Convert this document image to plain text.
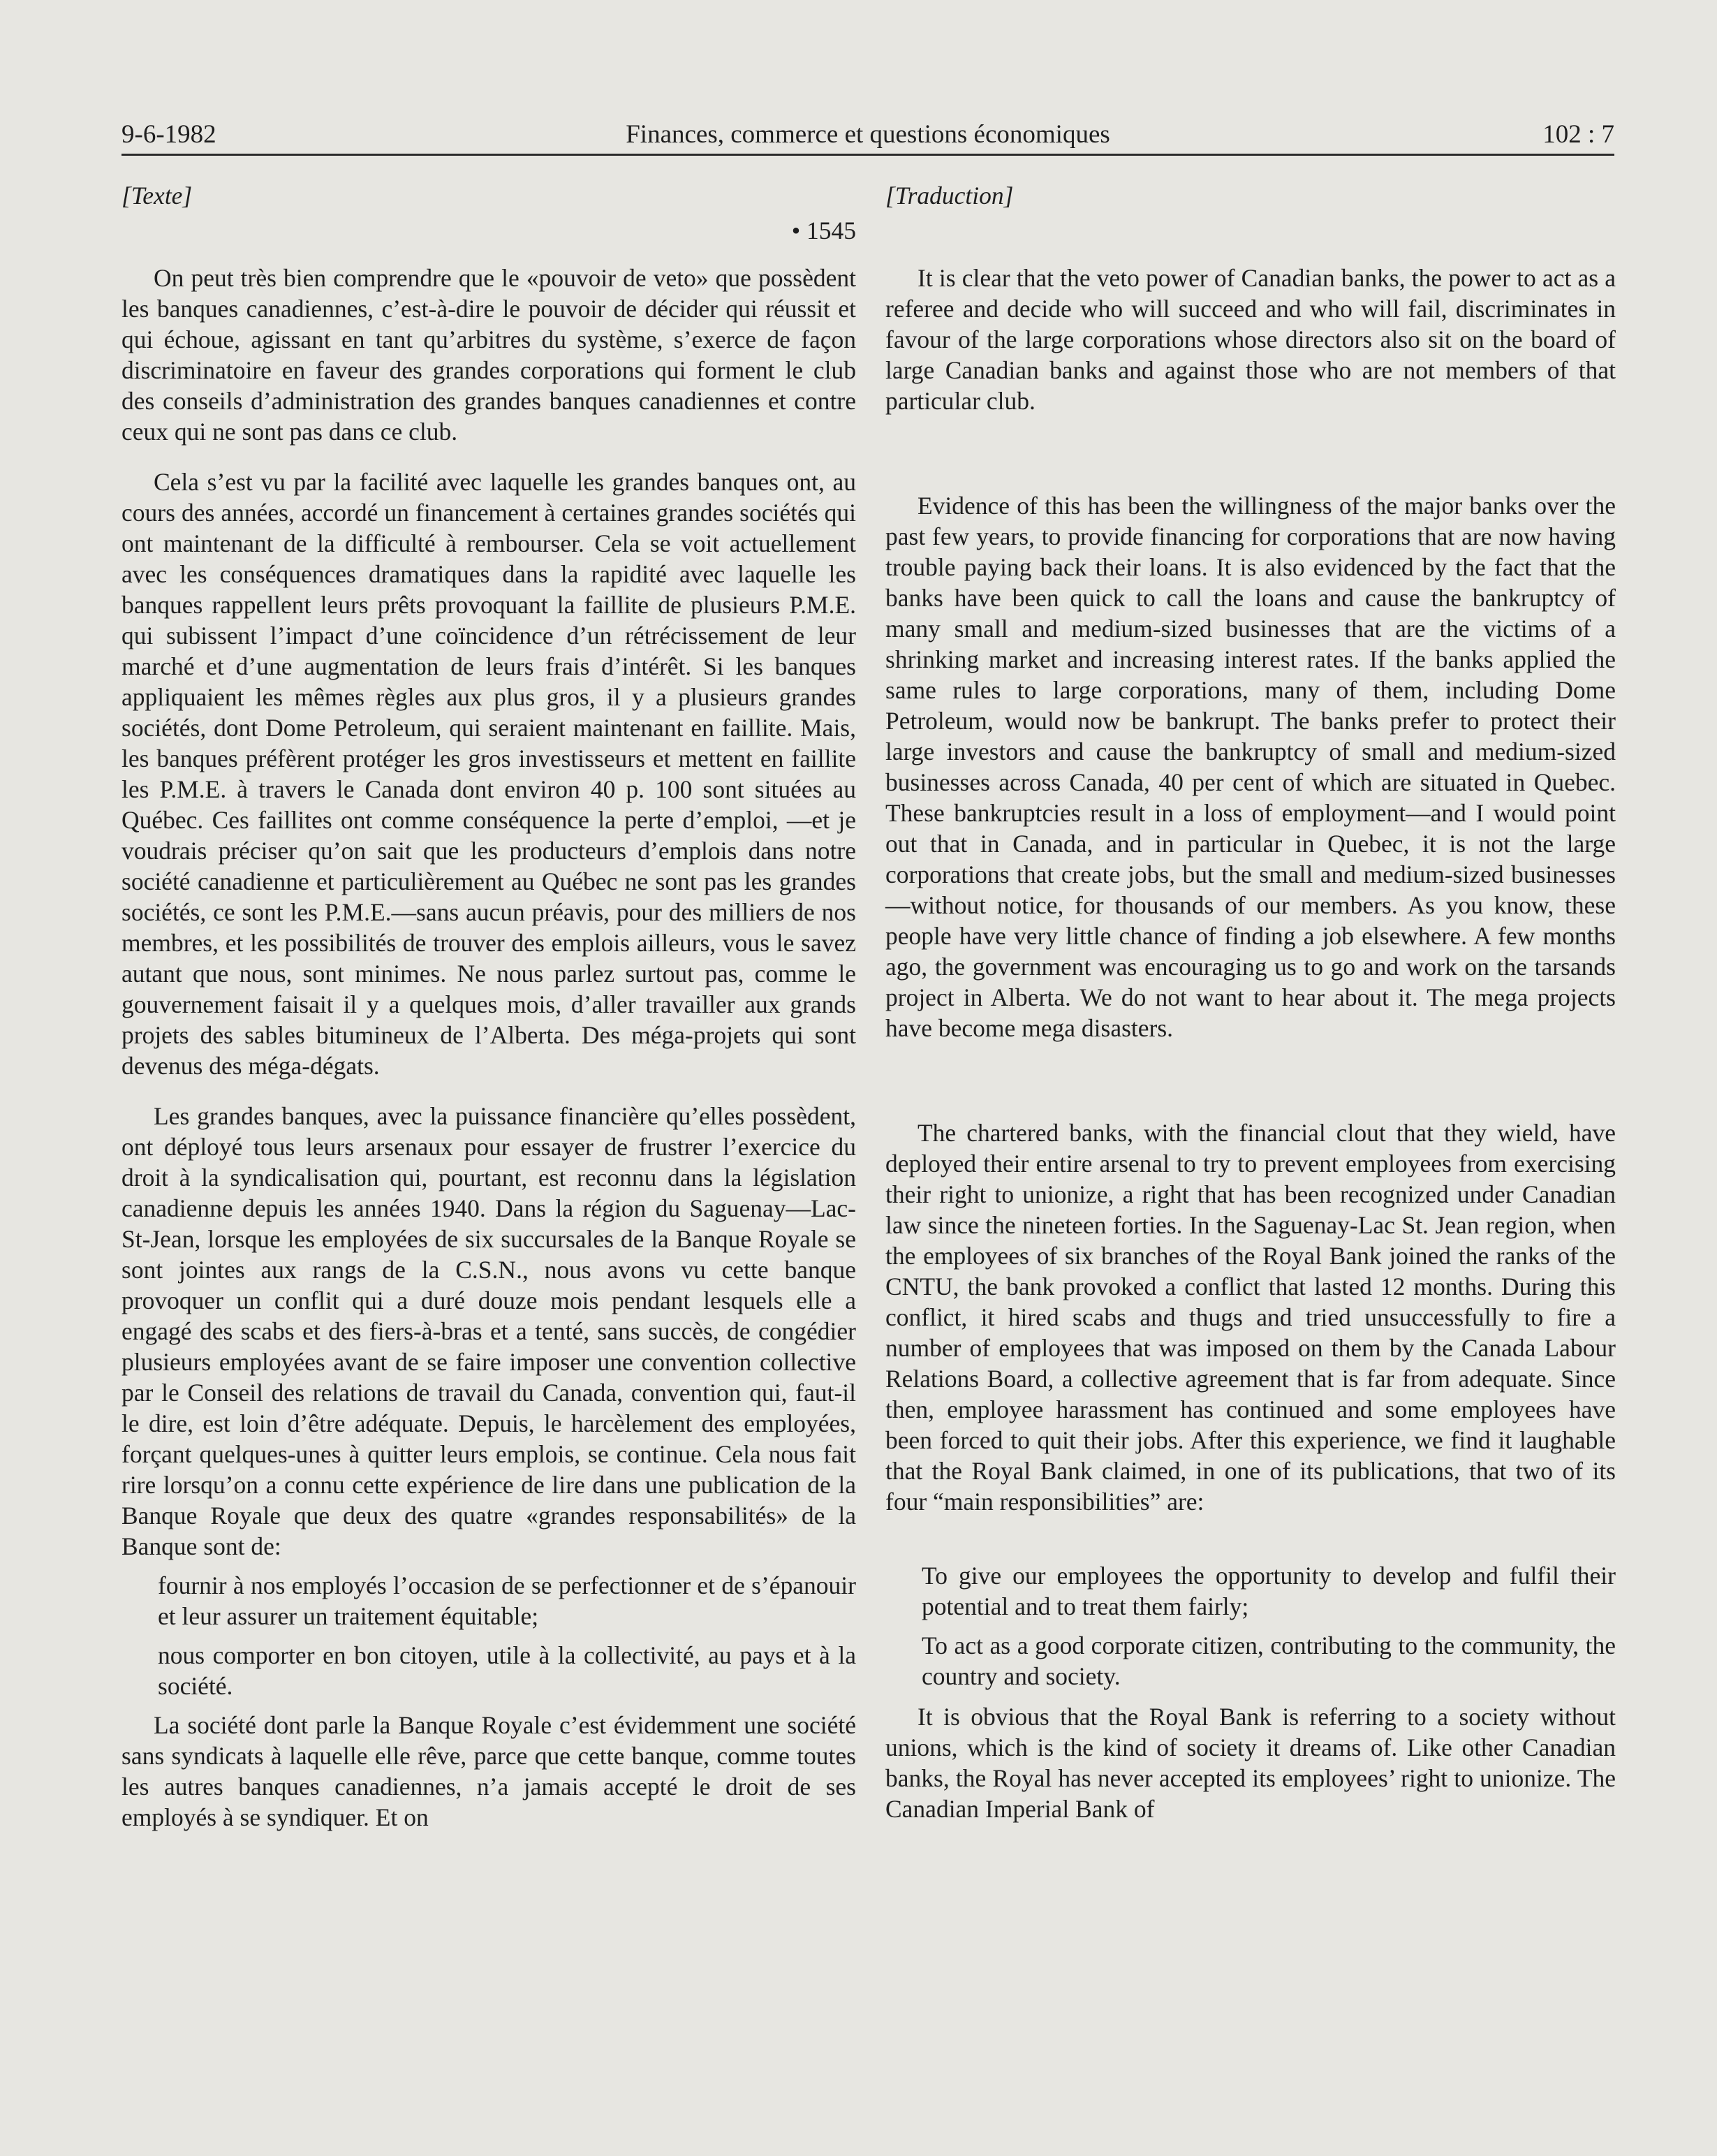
9-6-1982	Finances, commerce et questions économiques	102 : 7
[Texte]
• 1545

On peut très bien comprendre que le «pouvoir de veto» que possèdent les banques canadiennes, c’est-à-dire le pouvoir de décider qui réussit et qui échoue, agissant en tant qu’arbitres du système, s’exerce de façon discriminatoire en faveur des grandes corporations qui forment le club des conseils d’administration des grandes banques canadiennes et contre ceux qui ne sont pas dans ce club.

Cela s’est vu par la facilité avec laquelle les grandes banques ont, au cours des années, accordé un financement à certaines grandes sociétés qui ont maintenant de la difficulté à rembourser. Cela se voit actuellement avec les conséquences dramatiques dans la rapidité avec laquelle les banques rappellent leurs prêts provoquant la faillite de plusieurs P.M.E. qui subissent l’impact d’une coïncidence d’un rétrécissement de leur marché et d’une augmentation de leurs frais d’intérêt. Si les banques appliquaient les mêmes règles aux plus gros, il y a plusieurs grandes sociétés, dont Dome Petroleum, qui seraient maintenant en faillite. Mais, les banques préfèrent protéger les gros investisseurs et mettent en faillite les P.M.E. à travers le Canada dont environ 40 p. 100 sont situées au Québec. Ces faillites ont comme conséquence la perte d’emploi, —et je voudrais préciser qu’on sait que les producteurs d’emplois dans notre société canadienne et particulièrement au Québec ne sont pas les grandes sociétés, ce sont les P.M.E.—sans aucun préavis, pour des milliers de nos membres, et les possibilités de trouver des emplois ailleurs, vous le savez autant que nous, sont minimes. Ne nous parlez surtout pas, comme le gouvernement faisait il y a quelques mois, d’aller travailler aux grands projets des sables bitumineux de l’Alberta. Des méga-projets qui sont devenus des méga-dégats.

Les grandes banques, avec la puissance financière qu’elles possèdent, ont déployé tous leurs arsenaux pour essayer de frustrer l’exercice du droit à la syndicalisation qui, pourtant, est reconnu dans la législation canadienne depuis les années 1940. Dans la région du Saguenay—Lac-St-Jean, lorsque les employées de six succursales de la Banque Royale se sont jointes aux rangs de la C.S.N., nous avons vu cette banque provoquer un conflit qui a duré douze mois pendant lesquels elle a engagé des scabs et des fiers-à-bras et a tenté, sans succès, de congédier plusieurs employées avant de se faire imposer une convention collective par le Conseil des relations de travail du Canada, convention qui, faut-il le dire, est loin d’être adéquate. Depuis, le harcèlement des employées, forçant quelques-unes à quitter leurs emplois, se continue. Cela nous fait rire lorsqu’on a connu cette expérience de lire dans une publication de la Banque Royale que deux des quatre «grandes responsabilités» de la Banque sont de:

fournir à nos employés l’occasion de se perfectionner et de s’épanouir et leur assurer un traitement équitable;

nous comporter en bon citoyen, utile à la collectivité, au pays et à la société.

La société dont parle la Banque Royale c’est évidemment une société sans syndicats à laquelle elle rêve, parce que cette banque, comme toutes les autres banques canadiennes, n’a jamais accepté le droit de ses employés à se syndiquer. Et on

[Traduction]

It is clear that the veto power of Canadian banks, the power to act as a referee and decide who will succeed and who will fail, discriminates in favour of the large corporations whose directors also sit on the board of large Canadian banks and against those who are not members of that particular club.

Evidence of this has been the willingness of the major banks over the past few years, to provide financing for corporations that are now having trouble paying back their loans. It is also evidenced by the fact that the banks have been quick to call the loans and cause the bankruptcy of many small and medium-sized businesses that are the victims of a shrinking market and increasing interest rates. If the banks applied the same rules to large corporations, many of them, including Dome Petroleum, would now be bankrupt. The banks prefer to protect their large investors and cause the bankruptcy of small and medium-sized businesses across Canada, 40 per cent of which are situated in Quebec. These bankruptcies result in a loss of employment—and I would point out that in Canada, and in particular in Quebec, it is not the large corporations that create jobs, but the small and medium-sized businesses—without notice, for thousands of our members. As you know, these people have very little chance of finding a job elsewhere. A few months ago, the government was encouraging us to go and work on the tarsands project in Alberta. We do not want to hear about it. The mega projects have become mega disasters.

The chartered banks, with the financial clout that they wield, have deployed their entire arsenal to try to prevent employees from exercising their right to unionize, a right that has been recognized under Canadian law since the nineteen forties. In the Saguenay-Lac St. Jean region, when the employees of six branches of the Royal Bank joined the ranks of the CNTU, the bank provoked a conflict that lasted 12 months. During this conflict, it hired scabs and thugs and tried unsuccessfully to fire a number of employees that was imposed on them by the Canada Labour Relations Board, a collective agreement that is far from adequate. Since then, employee harassment has continued and some employees have been forced to quit their jobs. After this experience, we find it laughable that the Royal Bank claimed, in one of its publications, that two of its four “main responsibilities” are:

To give our employees the opportunity to develop and fulfil their potential and to treat them fairly;

To act as a good corporate citizen, contributing to the community, the country and society.

It is obvious that the Royal Bank is referring to a society without unions, which is the kind of society it dreams of. Like other Canadian banks, the Royal has never accepted its employees’ right to unionize. The Canadian Imperial Bank of
